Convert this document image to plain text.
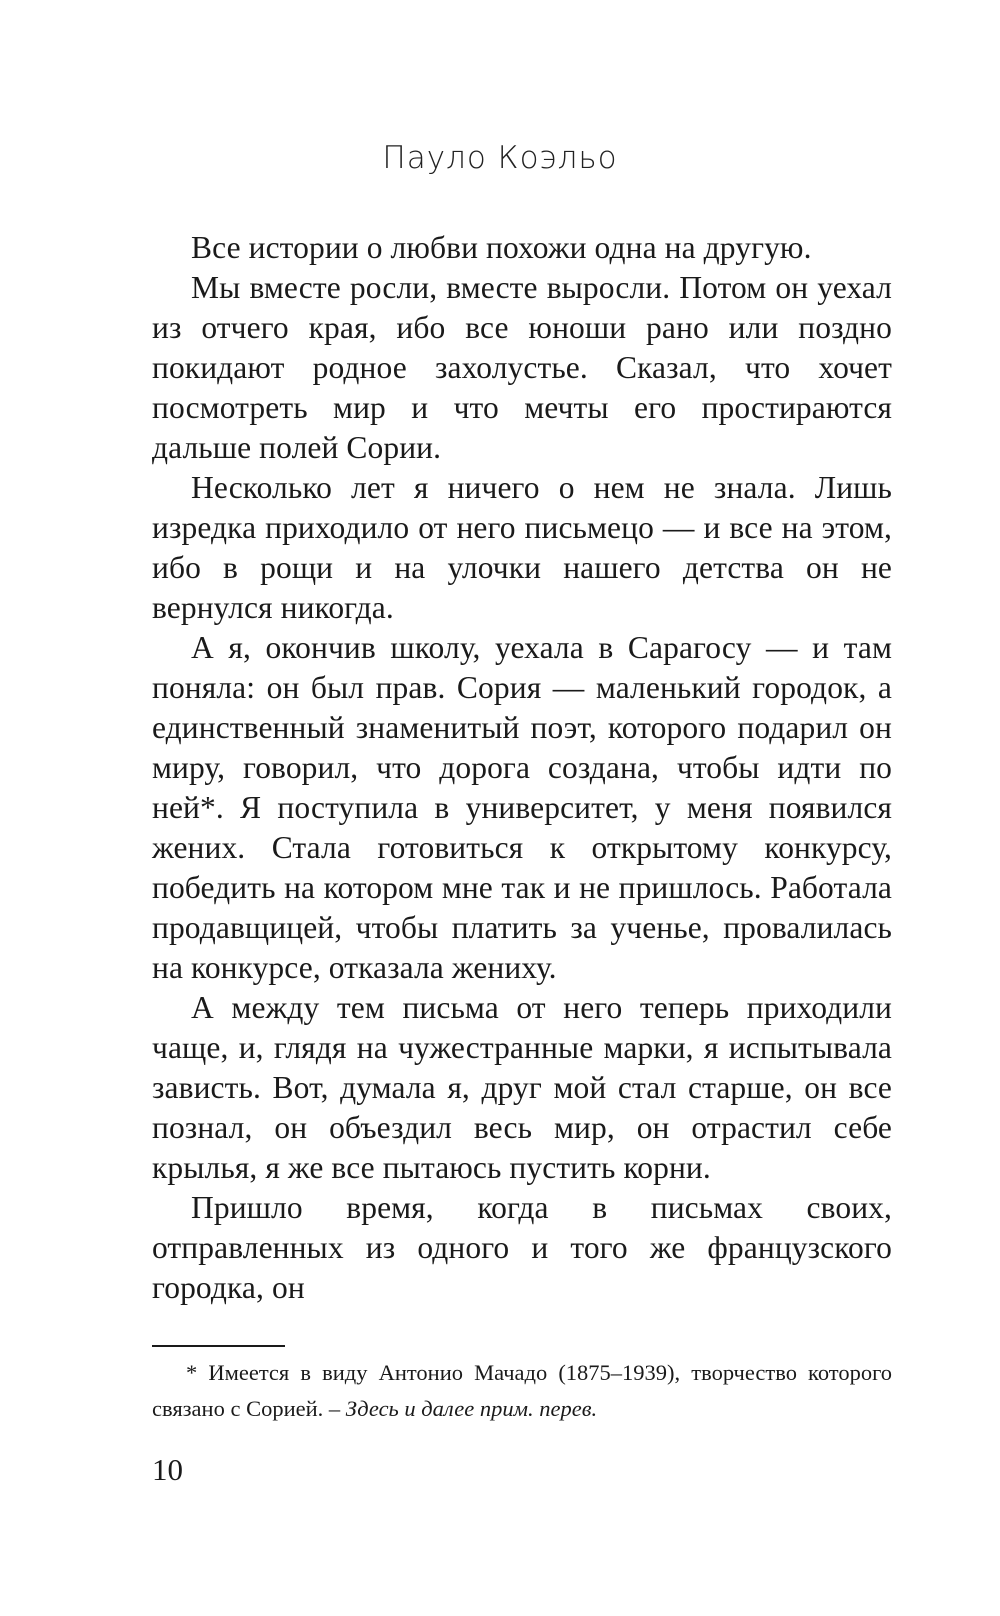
Пауло Коэльо

Все истории о любви похожи одна на другую.

Мы вместе росли, вместе выросли. Потом он уехал из отчего края, ибо все юноши рано или поздно покидают родное захолустье. Сказал, что хочет посмотреть мир и что мечты его простираются дальше полей Сории.

Несколько лет я ничего о нем не знала. Лишь изредка приходило от него письмецо — и все на этом, ибо в рощи и на улочки нашего детства он не вернулся никогда.

А я, окончив школу, уехала в Сарагосу — и там поняла: он был прав. Сория — маленький городок, а единственный знаменитый поэт, которого подарил он миру, говорил, что дорога создана, чтобы идти по ней*. Я поступила в университет, у меня появился жених. Стала готовиться к открытому конкурсу, победить на котором мне так и не пришлось. Работала продавщицей, чтобы платить за ученье, провалилась на конкурсе, отказала жениху.

А между тем письма от него теперь приходили чаще, и, глядя на чужестранные марки, я испытывала зависть. Вот, думала я, друг мой стал старше, он все познал, он объездил весь мир, он отрастил себе крылья, я же все пытаюсь пустить корни.

Пришло время, когда в письмах своих, отправленных из одного и того же французского городка, он

* Имеется в виду Антонио Мачадо (1875–1939), творчество которого связано с Сорией. – Здесь и далее прим. перев.

10
